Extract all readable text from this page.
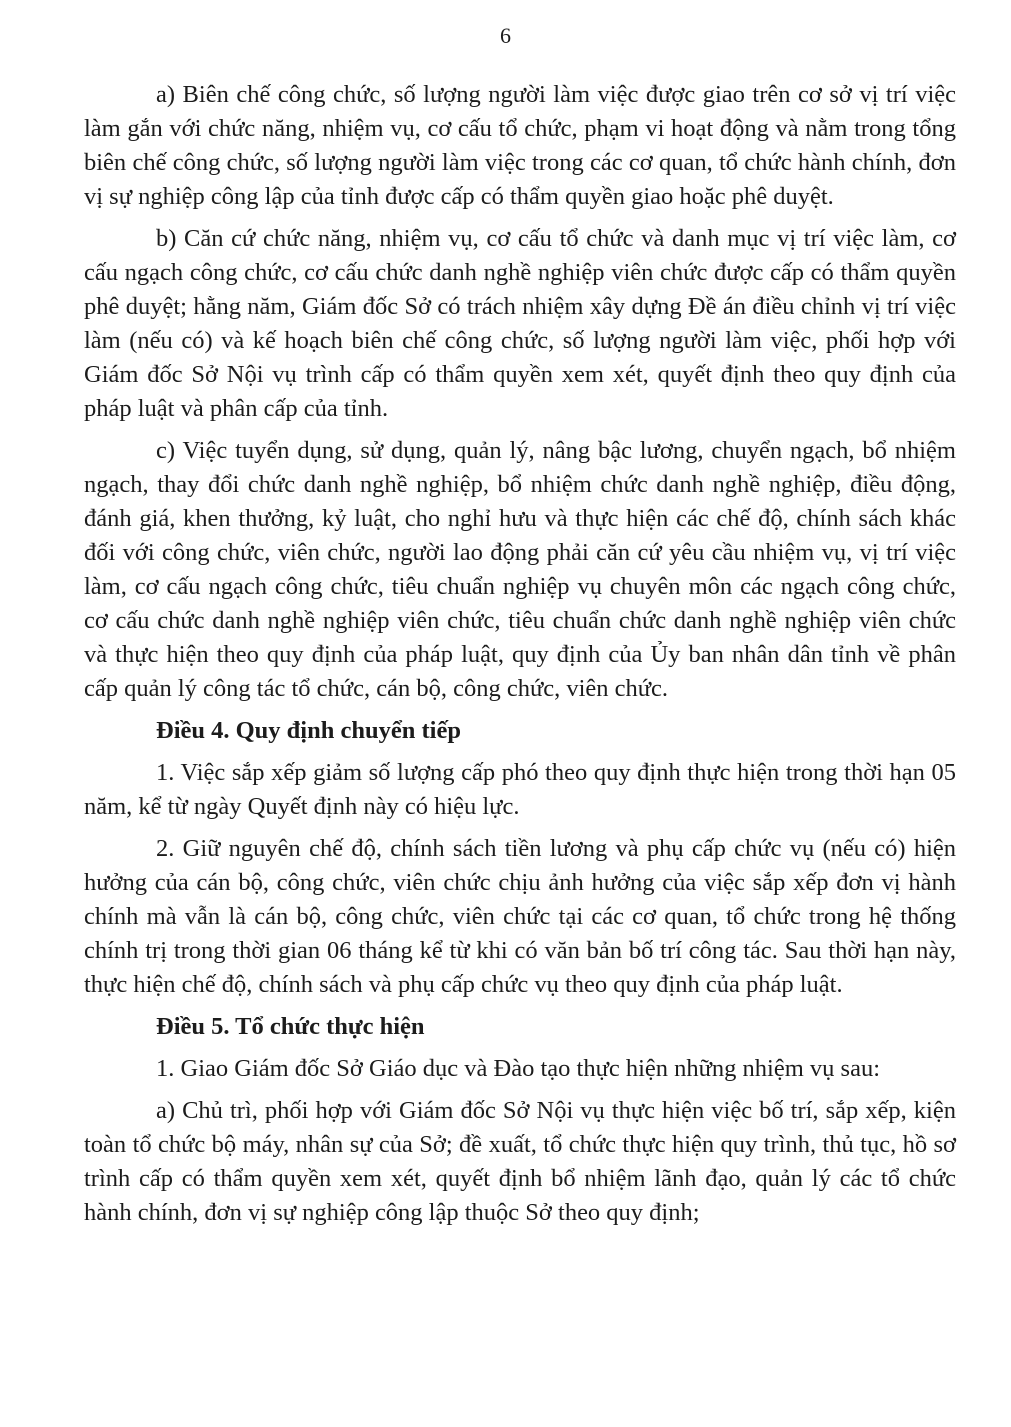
6

a) Biên chế công chức, số lượng người làm việc được giao trên cơ sở vị trí việc làm gắn với chức năng, nhiệm vụ, cơ cấu tổ chức, phạm vi hoạt động và nằm trong tổng biên chế công chức, số lượng người làm việc trong các cơ quan, tổ chức hành chính, đơn vị sự nghiệp công lập của tỉnh được cấp có thẩm quyền giao hoặc phê duyệt.

b) Căn cứ chức năng, nhiệm vụ, cơ cấu tổ chức và danh mục vị trí việc làm, cơ cấu ngạch công chức, cơ cấu chức danh nghề nghiệp viên chức được cấp có thẩm quyền phê duyệt; hằng năm, Giám đốc Sở có trách nhiệm xây dựng Đề án điều chỉnh vị trí việc làm (nếu có) và kế hoạch biên chế công chức, số lượng người làm việc, phối hợp với Giám đốc Sở Nội vụ trình cấp có thẩm quyền xem xét, quyết định theo quy định của pháp luật và phân cấp của tỉnh.

c) Việc tuyển dụng, sử dụng, quản lý, nâng bậc lương, chuyển ngạch, bổ nhiệm ngạch, thay đổi chức danh nghề nghiệp, bổ nhiệm chức danh nghề nghiệp, điều động, đánh giá, khen thưởng, kỷ luật, cho nghỉ hưu và thực hiện các chế độ, chính sách khác đối với công chức, viên chức, người lao động phải căn cứ yêu cầu nhiệm vụ, vị trí việc làm, cơ cấu ngạch công chức, tiêu chuẩn nghiệp vụ chuyên môn các ngạch công chức, cơ cấu chức danh nghề nghiệp viên chức, tiêu chuẩn chức danh nghề nghiệp viên chức và thực hiện theo quy định của pháp luật, quy định của Ủy ban nhân dân tỉnh về phân cấp quản lý công tác tổ chức, cán bộ, công chức, viên chức.

Điều 4. Quy định chuyển tiếp

1. Việc sắp xếp giảm số lượng cấp phó theo quy định thực hiện trong thời hạn 05 năm, kể từ ngày Quyết định này có hiệu lực.

2. Giữ nguyên chế độ, chính sách tiền lương và phụ cấp chức vụ (nếu có) hiện hưởng của cán bộ, công chức, viên chức chịu ảnh hưởng của việc sắp xếp đơn vị hành chính mà vẫn là cán bộ, công chức, viên chức tại các cơ quan, tổ chức trong hệ thống chính trị trong thời gian 06 tháng kể từ khi có văn bản bố trí công tác. Sau thời hạn này, thực hiện chế độ, chính sách và phụ cấp chức vụ theo quy định của pháp luật.

Điều 5. Tổ chức thực hiện

1. Giao Giám đốc Sở Giáo dục và Đào tạo thực hiện những nhiệm vụ sau:

a) Chủ trì, phối hợp với Giám đốc Sở Nội vụ thực hiện việc bố trí, sắp xếp, kiện toàn tổ chức bộ máy, nhân sự của Sở; đề xuất, tổ chức thực hiện quy trình, thủ tục, hồ sơ trình cấp có thẩm quyền xem xét, quyết định bổ nhiệm lãnh đạo, quản lý các tổ chức hành chính, đơn vị sự nghiệp công lập thuộc Sở theo quy định;
